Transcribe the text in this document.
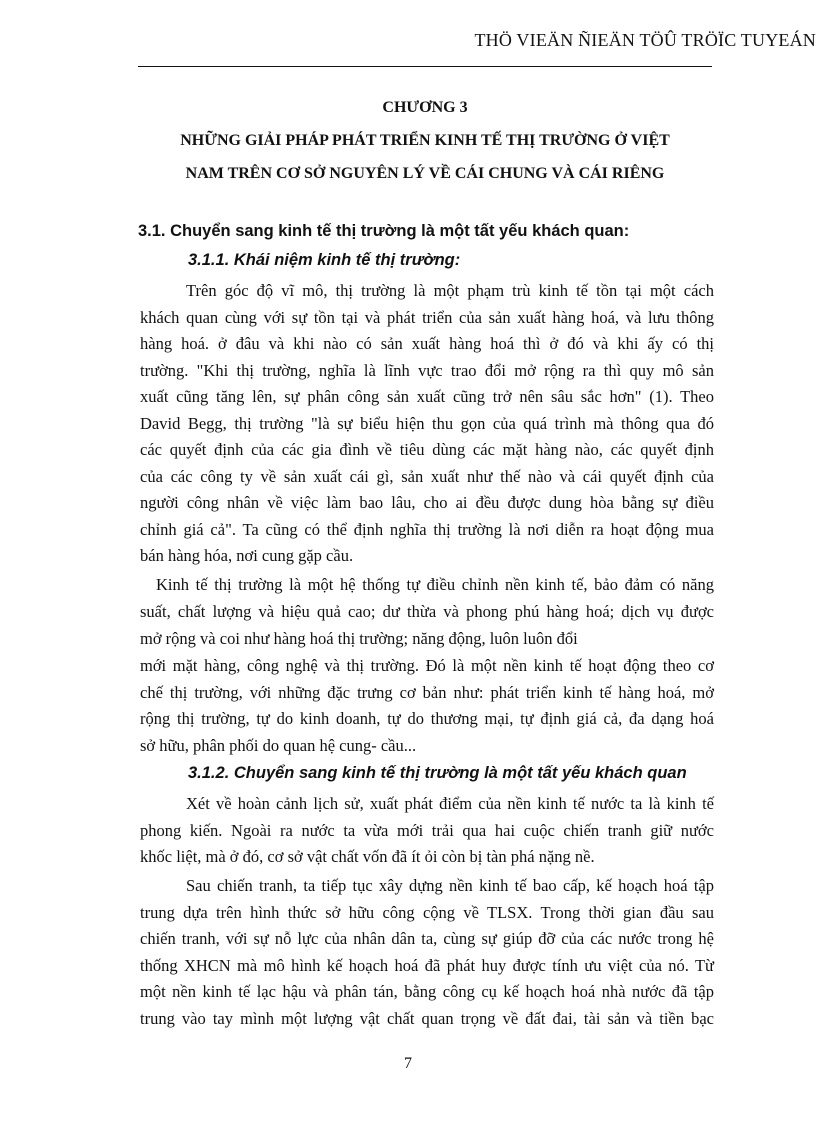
THÖ VIEÄN ÑIEÄN TÖÛ TRÖÏC TUYEÁN
CHƯƠNG 3
NHỮNG GIẢI PHÁP PHÁT TRIỂN KINH TẾ THỊ TRƯỜNG Ở VIỆT
NAM TRÊN CƠ SỞ NGUYÊN LÝ VỀ CÁI CHUNG VÀ CÁI RIÊNG
3.1. Chuyển sang kinh tế thị trường là một tất yếu khách quan:
3.1.1. Khái niệm kinh tế thị trường:
Trên góc độ vĩ mô, thị trường là một phạm trù kinh tế tồn tại một cách
khách quan cùng với sự tồn tại và phát triển của sản xuất hàng hoá, và lưu thông
hàng hoá. ở đâu và khi nào có sản xuất hàng hoá thì ở đó và khi ấy có thị
trường. "Khi thị trường, nghĩa là lĩnh vực trao đổi mở rộng ra thì quy mô sản
xuất cũng tăng lên, sự phân công sản xuất cũng trở nên sâu sắc hơn" (1). Theo
David Begg, thị trường "là sự biểu hiện thu gọn của quá trình mà thông qua đó
các quyết định của các gia đình về tiêu dùng các mặt hàng nào, các quyết định
của các công ty về sản xuất cái gì, sản xuất như thế nào và cái quyết định của
người công nhân về việc làm bao lâu, cho ai đều được dung hòa bằng sự điều
chỉnh giá cả". Ta cũng có thể định nghĩa thị trường là nơi diễn ra hoạt động mua
bán hàng hóa, nơi cung gặp cầu.
Kinh tế thị trường là một hệ thống tự điều chỉnh nền kinh tế, bảo đảm có năng
suất, chất lượng và hiệu quả cao; dư thừa và phong phú hàng hoá; dịch vụ được
mở rộng và coi như hàng hoá thị trường; năng động, luôn luôn đổi
mới mặt hàng, công nghệ và thị trường. Đó là một nền kinh tế hoạt động theo cơ
chế thị trường, với những đặc trưng cơ bản như: phát triển kinh tế hàng hoá, mở
rộng thị trường, tự do kinh doanh, tự do thương mại, tự định giá cả, đa dạng hoá
sở hữu, phân phối do quan hệ cung- cầu...
3.1.2. Chuyển sang kinh tế thị trường là một tất yếu khách quan
Xét về hoàn cảnh lịch sử, xuất phát điểm của nền kinh tế nước ta là kinh tế
phong kiến. Ngoài ra nước ta vừa mới trải qua hai cuộc chiến tranh giữ nước
khốc liệt, mà ở đó, cơ sở vật chất vốn đã ít ỏi còn bị tàn phá nặng nề.
Sau chiến tranh, ta tiếp tục xây dựng nền kinh tế bao cấp, kế hoạch hoá tập
trung dựa trên hình thức sở hữu công cộng về TLSX. Trong thời gian đầu sau
chiến tranh, với sự nỗ lực của nhân dân ta, cùng sự giúp đỡ của các nước trong hệ
thống XHCN mà mô hình kế hoạch hoá đã phát huy được tính ưu việt của nó. Từ
một nền kinh tế lạc hậu và phân tán, bằng công cụ kế hoạch hoá nhà nước đã tập
trung vào tay mình một lượng vật chất quan trọng về đất đai, tài sản và tiền bạc
7
